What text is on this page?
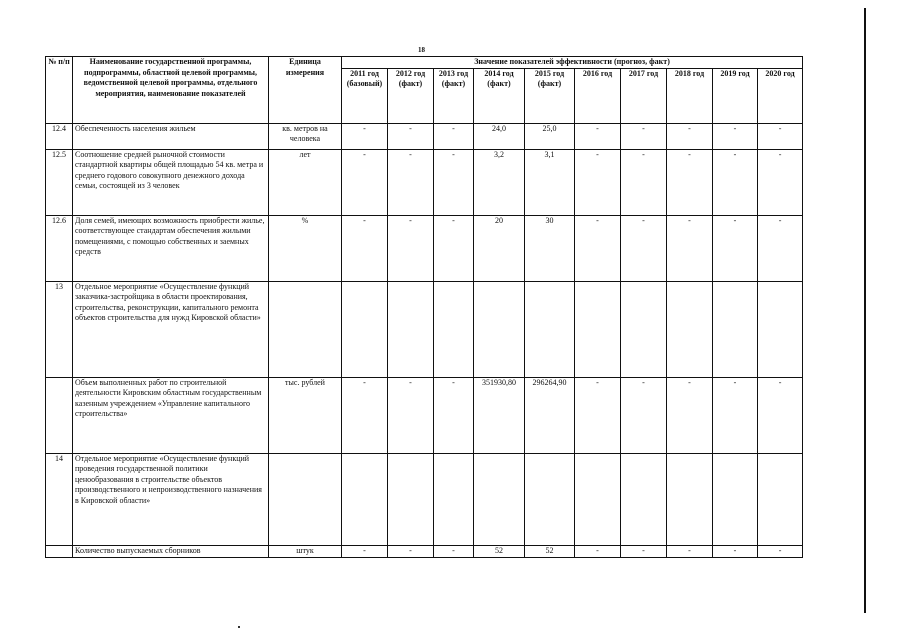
18
№ п/п	Наименование государственной программы, подпрограммы, областной целевой программы, ведомственной целевой программы, отдельного мероприятия, наименование показателей	Единица измерения	Значение показателей эффективности (прогноз, факт)									
			2011 год (базовый)	2012 год (факт)	2013 год (факт)	2014 год (факт)	2015 год (факт)	2016 год	2017 год	2018 год	2019 год	2020 год
12.4	Обеспеченность населения жильем	кв. метров на человека	-	-	-	24,0	25,0	-	-	-	-	-
12.5	Соотношение средней рыночной стоимости стандартной квартиры общей площадью 54 кв. метра и среднего годового совокупного денежного дохода семьи, состоящей из 3 человек	лет	-	-	-	3,2	3,1	-	-	-	-	-
12.6	Доля семей, имеющих возможность приобрести жилье, соответствующее стандартам обеспечения жилыми помещениями, с помощью собственных и заемных средств	%	-	-	-	20	30	-	-	-	-	-
13	Отдельное мероприятие «Осуществление функций заказчика-застройщика в области проектирования, строительства, реконструкции, капитального ремонта объектов строительства для нужд Кировской области»											
	Объем выполненных работ по строительной деятельности Кировским областным государственным казенным учреждением «Управление капитального строительства»	тыс. рублей	-	-	-	351930,80	296264,90	-	-	-	-	-
14	Отдельное мероприятие «Осуществление функций проведения государственной политики ценообразования в строительстве объектов производственного и непроизводственного назначения в Кировской области»											
	Количество выпускаемых сборников	штук	-	-	-	52	52	-	-	-	-	-
